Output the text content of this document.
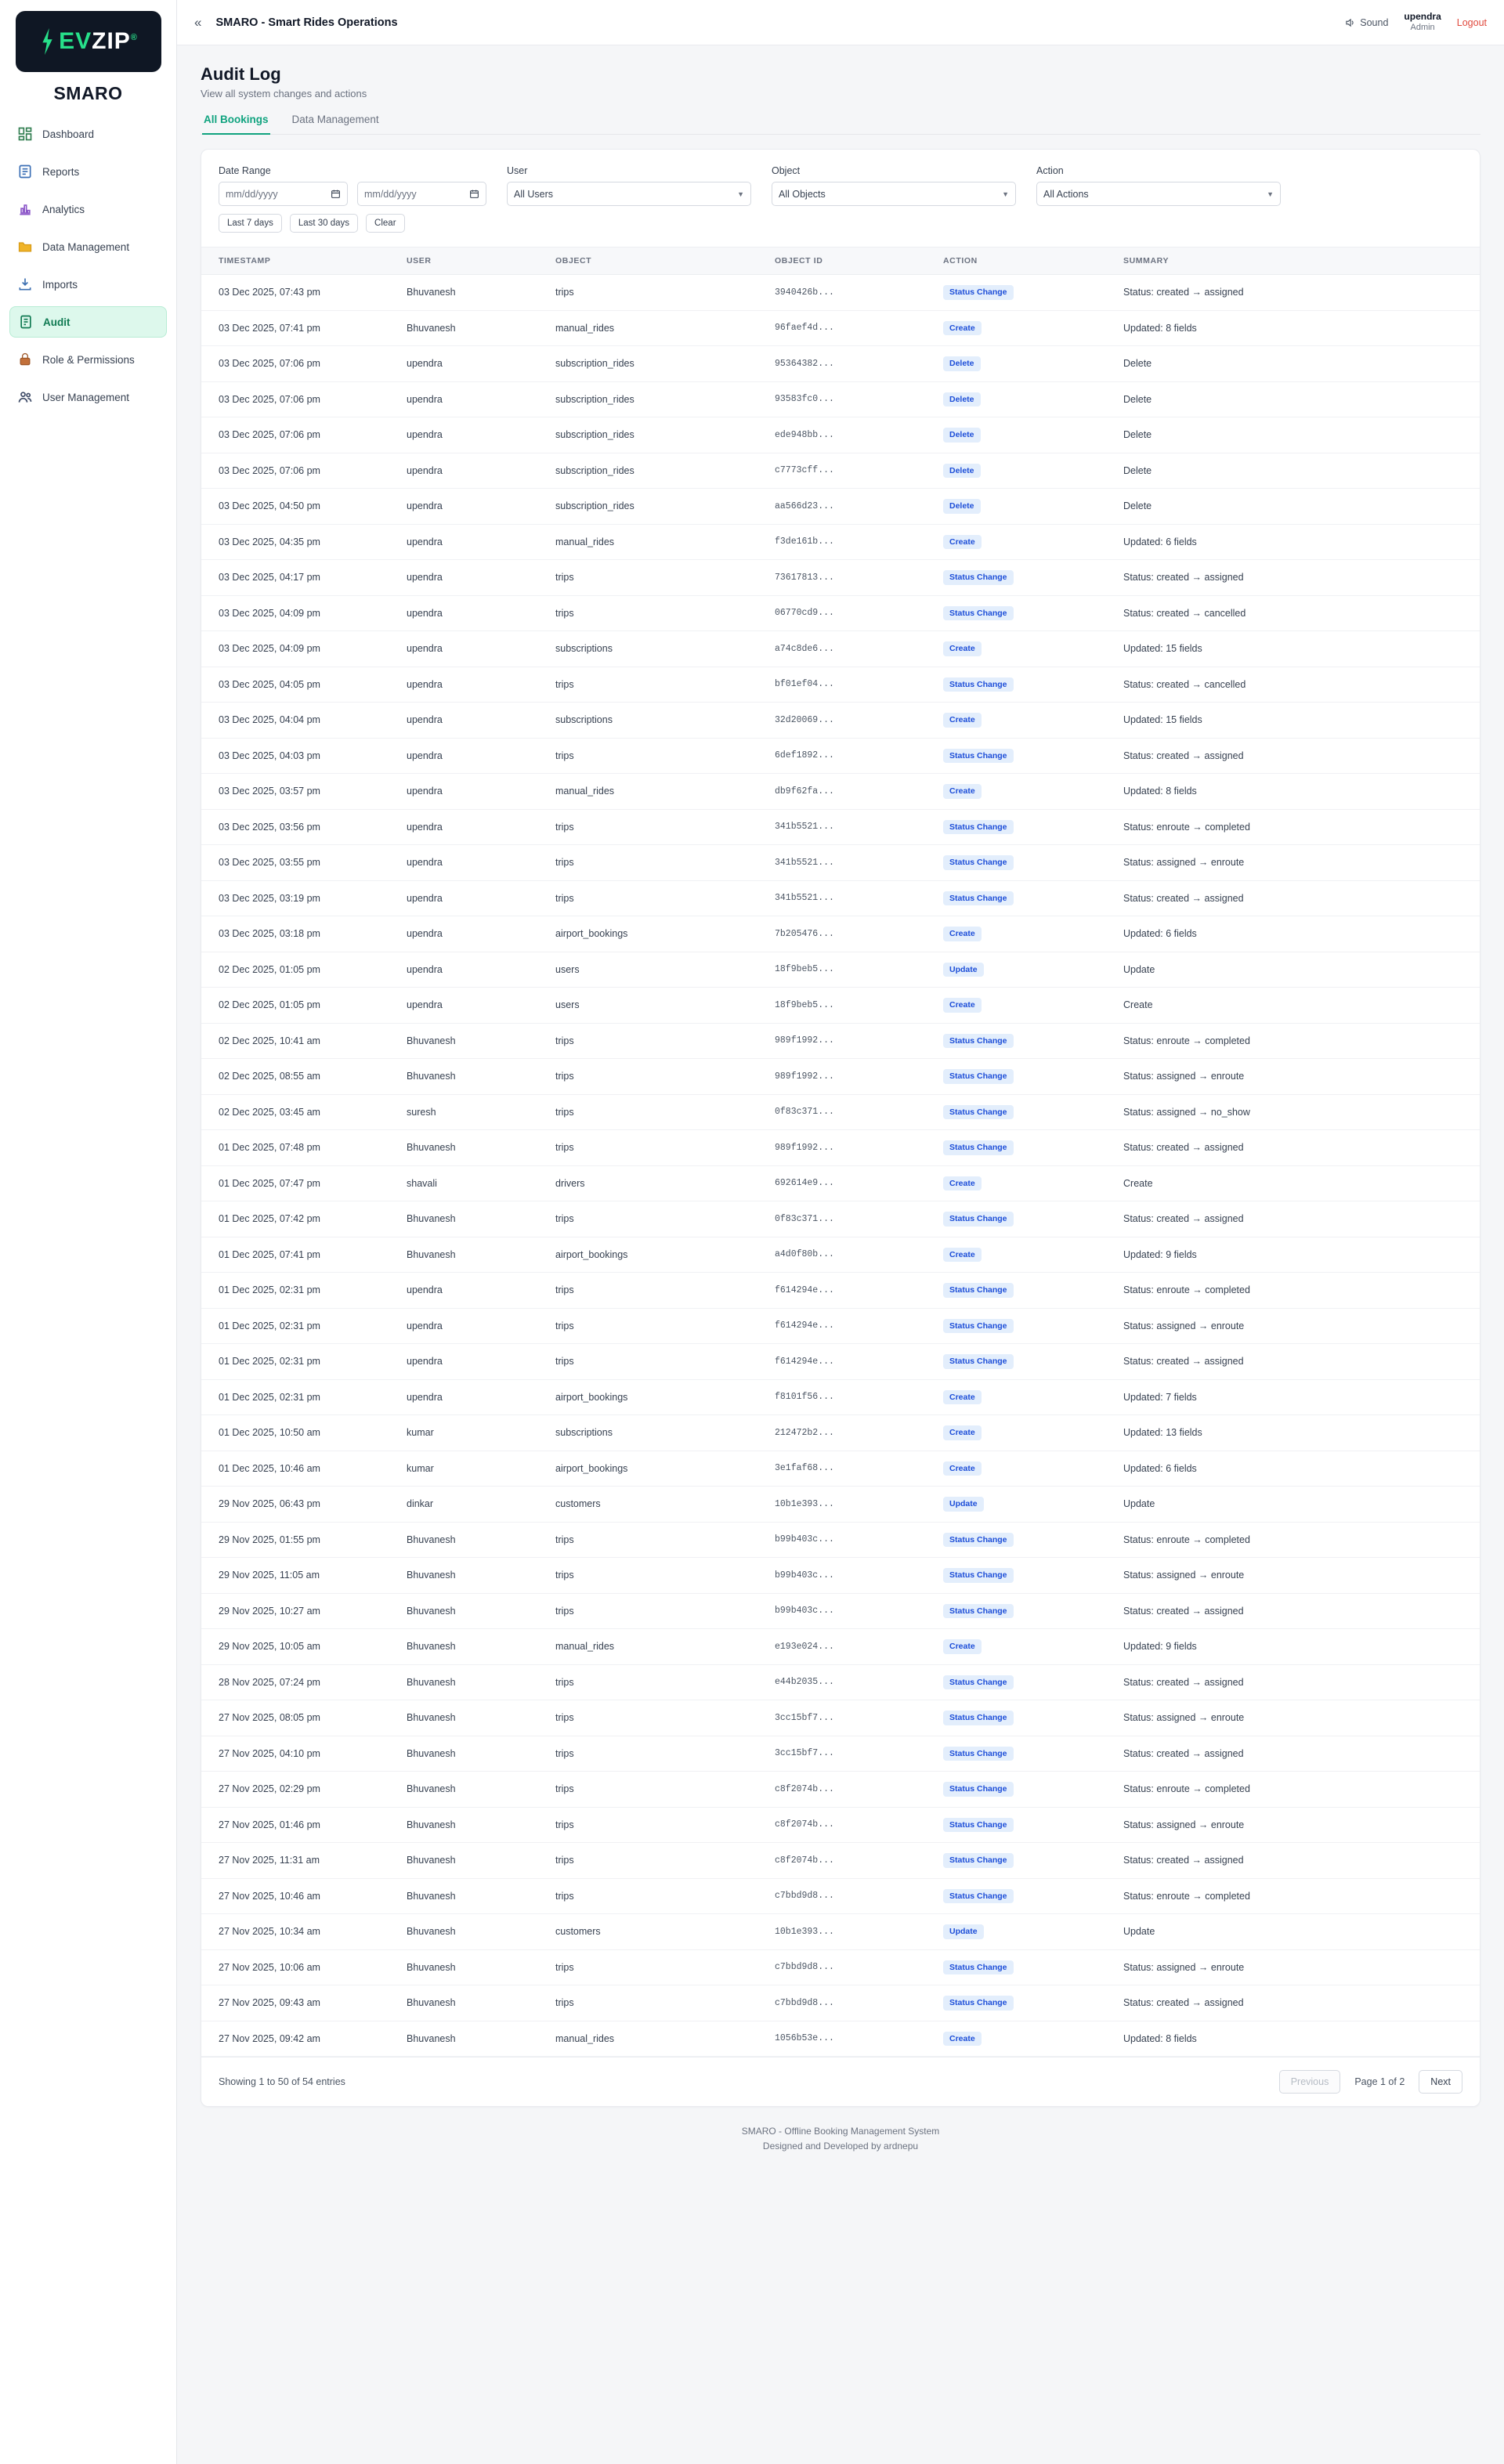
EVZIP®
SMARO
Dashboard
Reports
Analytics
Data Management
Imports
Audit
Role & Permissions
User Management
« SMARO - Smart Rides Operations	Sound
upendra
Admin	Logout
Audit Log

View all system changes and actions

All Bookings Data Management
Date Range
mm/dd/yyyy	mm/dd/yyyy
Last 7 days	Last 30 days	Clear
User
All Users	▼
Object
All Objects	▼
Action
All Actions	▼
TIMESTAMP	USER	OBJECT	OBJECT ID	ACTION	SUMMARY
03 Dec 2025, 07:43 pm	Bhuvanesh	trips	3940426b...	Status Change	Status: created → assigned
03 Dec 2025, 07:41 pm	Bhuvanesh	manual_rides	96faef4d...	Create	Updated: 8 fields
03 Dec 2025, 07:06 pm	upendra	subscription_rides	95364382...	Delete	Delete
03 Dec 2025, 07:06 pm	upendra	subscription_rides	93583fc0...	Delete	Delete
03 Dec 2025, 07:06 pm	upendra	subscription_rides	ede948bb...	Delete	Delete
03 Dec 2025, 07:06 pm	upendra	subscription_rides	c7773cff...	Delete	Delete
03 Dec 2025, 04:50 pm	upendra	subscription_rides	aa566d23...	Delete	Delete
03 Dec 2025, 04:35 pm	upendra	manual_rides	f3de161b...	Create	Updated: 6 fields
03 Dec 2025, 04:17 pm	upendra	trips	73617813...	Status Change	Status: created → assigned
03 Dec 2025, 04:09 pm	upendra	trips	06770cd9...	Status Change	Status: created → cancelled
03 Dec 2025, 04:09 pm	upendra	subscriptions	a74c8de6...	Create	Updated: 15 fields
03 Dec 2025, 04:05 pm	upendra	trips	bf01ef04...	Status Change	Status: created → cancelled
03 Dec 2025, 04:04 pm	upendra	subscriptions	32d20069...	Create	Updated: 15 fields
03 Dec 2025, 04:03 pm	upendra	trips	6def1892...	Status Change	Status: created → assigned
03 Dec 2025, 03:57 pm	upendra	manual_rides	db9f62fa...	Create	Updated: 8 fields
03 Dec 2025, 03:56 pm	upendra	trips	341b5521...	Status Change	Status: enroute → completed
03 Dec 2025, 03:55 pm	upendra	trips	341b5521...	Status Change	Status: assigned → enroute
03 Dec 2025, 03:19 pm	upendra	trips	341b5521...	Status Change	Status: created → assigned
03 Dec 2025, 03:18 pm	upendra	airport_bookings	7b205476...	Create	Updated: 6 fields
02 Dec 2025, 01:05 pm	upendra	users	18f9beb5...	Update	Update
02 Dec 2025, 01:05 pm	upendra	users	18f9beb5...	Create	Create
02 Dec 2025, 10:41 am	Bhuvanesh	trips	989f1992...	Status Change	Status: enroute → completed
02 Dec 2025, 08:55 am	Bhuvanesh	trips	989f1992...	Status Change	Status: assigned → enroute
02 Dec 2025, 03:45 am	suresh	trips	0f83c371...	Status Change	Status: assigned → no_show
01 Dec 2025, 07:48 pm	Bhuvanesh	trips	989f1992...	Status Change	Status: created → assigned
01 Dec 2025, 07:47 pm	shavali	drivers	692614e9...	Create	Create
01 Dec 2025, 07:42 pm	Bhuvanesh	trips	0f83c371...	Status Change	Status: created → assigned
01 Dec 2025, 07:41 pm	Bhuvanesh	airport_bookings	a4d0f80b...	Create	Updated: 9 fields
01 Dec 2025, 02:31 pm	upendra	trips	f614294e...	Status Change	Status: enroute → completed
01 Dec 2025, 02:31 pm	upendra	trips	f614294e...	Status Change	Status: assigned → enroute
01 Dec 2025, 02:31 pm	upendra	trips	f614294e...	Status Change	Status: created → assigned
01 Dec 2025, 02:31 pm	upendra	airport_bookings	f8101f56...	Create	Updated: 7 fields
01 Dec 2025, 10:50 am	kumar	subscriptions	212472b2...	Create	Updated: 13 fields
01 Dec 2025, 10:46 am	kumar	airport_bookings	3e1faf68...	Create	Updated: 6 fields
29 Nov 2025, 06:43 pm	dinkar	customers	10b1e393...	Update	Update
29 Nov 2025, 01:55 pm	Bhuvanesh	trips	b99b403c...	Status Change	Status: enroute → completed
29 Nov 2025, 11:05 am	Bhuvanesh	trips	b99b403c...	Status Change	Status: assigned → enroute
29 Nov 2025, 10:27 am	Bhuvanesh	trips	b99b403c...	Status Change	Status: created → assigned
29 Nov 2025, 10:05 am	Bhuvanesh	manual_rides	e193e024...	Create	Updated: 9 fields
28 Nov 2025, 07:24 pm	Bhuvanesh	trips	e44b2035...	Status Change	Status: created → assigned
27 Nov 2025, 08:05 pm	Bhuvanesh	trips	3cc15bf7...	Status Change	Status: assigned → enroute
27 Nov 2025, 04:10 pm	Bhuvanesh	trips	3cc15bf7...	Status Change	Status: created → assigned
27 Nov 2025, 02:29 pm	Bhuvanesh	trips	c8f2074b...	Status Change	Status: enroute → completed
27 Nov 2025, 01:46 pm	Bhuvanesh	trips	c8f2074b...	Status Change	Status: assigned → enroute
27 Nov 2025, 11:31 am	Bhuvanesh	trips	c8f2074b...	Status Change	Status: created → assigned
27 Nov 2025, 10:46 am	Bhuvanesh	trips	c7bbd9d8...	Status Change	Status: enroute → completed
27 Nov 2025, 10:34 am	Bhuvanesh	customers	10b1e393...	Update	Update
27 Nov 2025, 10:06 am	Bhuvanesh	trips	c7bbd9d8...	Status Change	Status: assigned → enroute
27 Nov 2025, 09:43 am	Bhuvanesh	trips	c7bbd9d8...	Status Change	Status: created → assigned
27 Nov 2025, 09:42 am	Bhuvanesh	manual_rides	1056b53e...	Create	Updated: 8 fields
Showing 1 to 50 of 54 entries	Previous	Page 1 of 2	Next
SMARO - Offline Booking Management System
Designed and Developed by ardnepu
